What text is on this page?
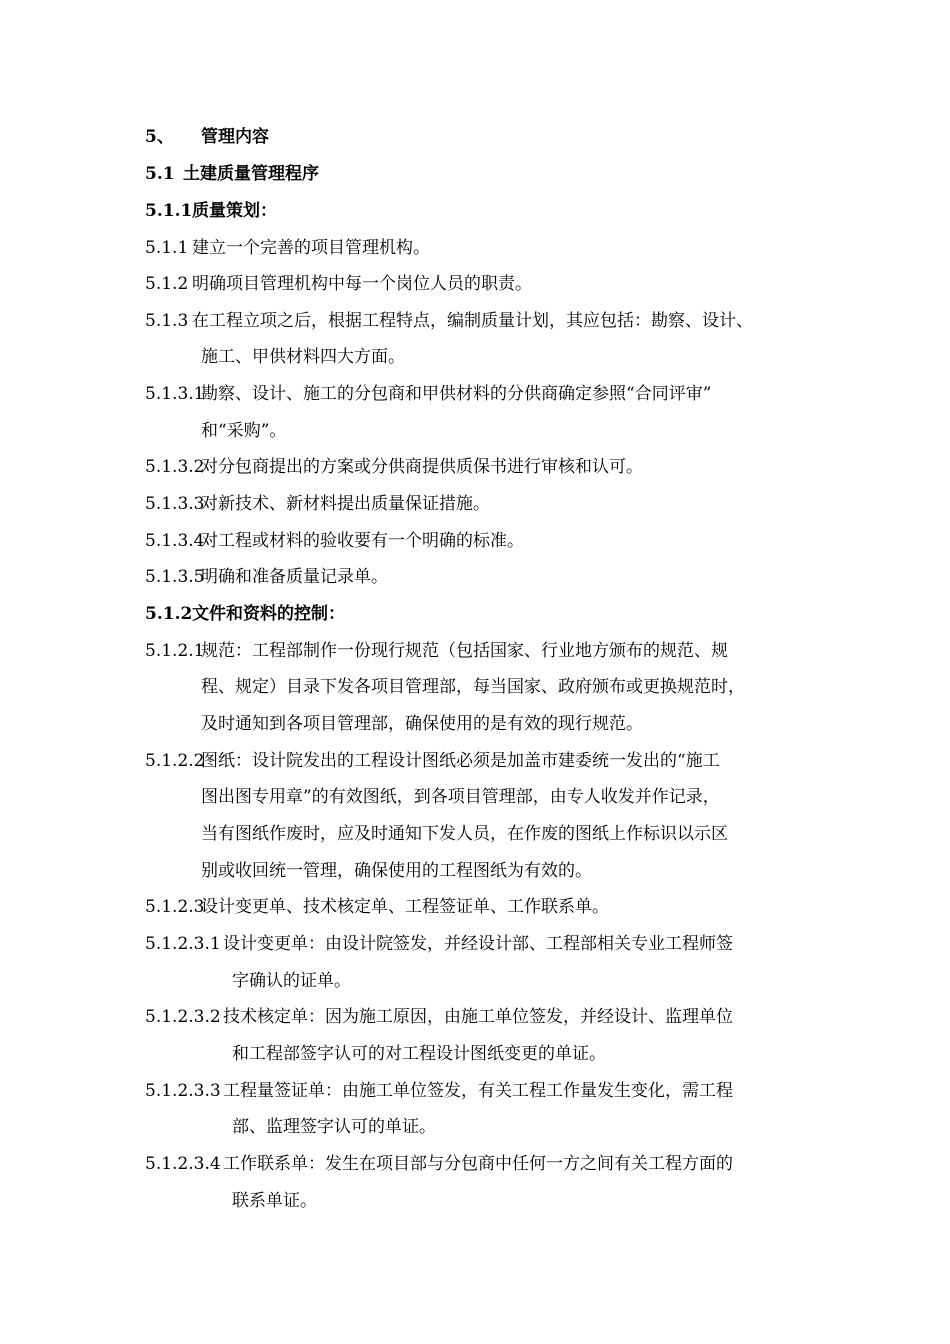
5、 管理内容
5.1 土建质量管理程序
5.1.1质量策划：
5.1.1 建立一个完善的项目管理机构。
5.1.2 明确项目管理机构中每一个岗位人员的职责。
5.1.3 在工程立项之后，根据工程特点，编制质量计划，其应包括：勘察、设计、
施工、甲供材料四大方面。
5.1.3.1勘察、设计、施工的分包商和甲供材料的分供商确定参照“合同评审”
和“采购”。
5.1.3.2对分包商提出的方案或分供商提供质保书进行审核和认可。
5.1.3.3对新技术、新材料提出质量保证措施。
5.1.3.4对工程或材料的验收要有一个明确的标准。
5.1.3.5明确和准备质量记录单。
5.1.2文件和资料的控制：
5.1.2.1规范：工程部制作一份现行规范（包括国家、行业地方颁布的规范、规
程、规定）目录下发各项目管理部，每当国家、政府颁布或更换规范时，
及时通知到各项目管理部，确保使用的是有效的现行规范。
5.1.2.2图纸：设计院发出的工程设计图纸必须是加盖市建委统一发出的“施工
图出图专用章”的有效图纸，到各项目管理部，由专人收发并作记录，
当有图纸作废时，应及时通知下发人员，在作废的图纸上作标识以示区
别或收回统一管理，确保使用的工程图纸为有效的。
5.1.2.3设计变更单、技术核定单、工程签证单、工作联系单。
5.1.2.3.1 设计变更单：由设计院签发，并经设计部、工程部相关专业工程师签
字确认的证单。
5.1.2.3.2 技术核定单：因为施工原因，由施工单位签发，并经设计、监理单位
和工程部签字认可的对工程设计图纸变更的单证。
5.1.2.3.3 工程量签证单：由施工单位签发，有关工程工作量发生变化，需工程
部、监理签字认可的单证。
5.1.2.3.4 工作联系单：发生在项目部与分包商中任何一方之间有关工程方面的
联系单证。
